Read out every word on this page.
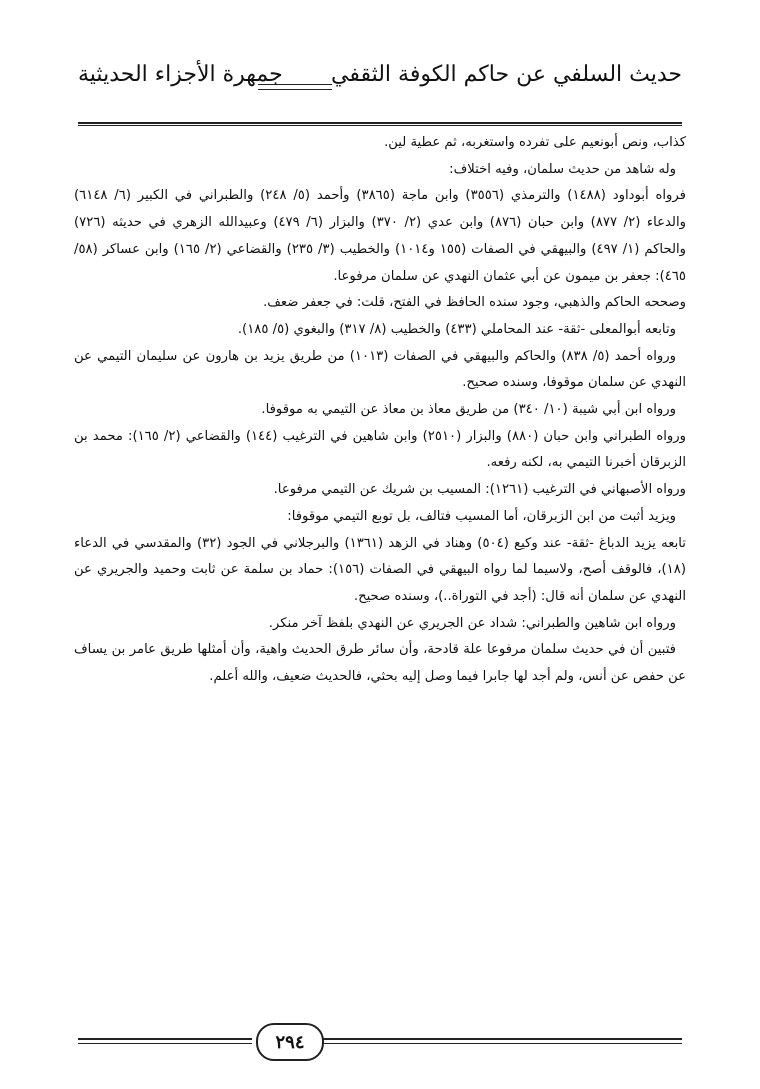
حديث السلفي عن حاكم الكوفة الثقفي
جمهرة الأجزاء الحديثية

كذاب، ونص أبونعيم على تفرده واستغربه، ثم عطية لين.

وله شاهد من حديث سلمان، وفيه اختلاف:

فرواه أبوداود (١٤٨٨) والترمذي (٣٥٥٦) وابن ماجة (٣٨٦٥) وأحمد (٥/ ٢٤٨) والطبراني في الكبير (٦/ ٦١٤٨) والدعاء (٢/ ٨٧٧) وابن حبان (٨٧٦) وابن عدي (٢/ ٣٧٠) والبزار (٦/ ٤٧٩) وعبيدالله الزهري في حديثه (٧٢٦) والحاكم (١/ ٤٩٧) والبيهقي في الصفات (١٥٥ و١٠١٤) والخطيب (٣/ ٢٣٥) والقضاعي (٢/ ١٦٥) وابن عساكر (٥٨/ ٤٦٥): جعفر بن ميمون عن أبي عثمان النهدي عن سلمان مرفوعا.

وصححه الحاكم والذهبي، وجود سنده الحافظ في الفتح، قلت: في جعفر ضعف.

وتابعه أبوالمعلى -ثقة- عند المحاملي (٤٣٣) والخطيب (٨/ ٣١٧) والبغوي (٥/ ١٨٥).

ورواه أحمد (٥/ ٨٣٨) والحاكم والبيهقي في الصفات (١٠١٣) من طريق يزيد بن هارون عن سليمان التيمي عن النهدي عن سلمان موقوفا، وسنده صحيح.

ورواه ابن أبي شيبة (١٠/ ٣٤٠) من طريق معاذ بن معاذ عن التيمي به موقوفا.

ورواه الطبراني وابن حبان (٨٨٠) والبزار (٢٥١٠) وابن شاهين في الترغيب (١٤٤) والقضاعي (٢/ ١٦٥): محمد بن الزبرقان أخبرنا التيمي به، لكنه رفعه.

ورواه الأصبهاني في الترغيب (١٢٦١): المسيب بن شريك عن التيمي مرفوعا.

ويزيد أثبت من ابن الزبرقان، أما المسيب فتالف، بل توبع التيمي موقوفا:

تابعه يزيد الدباغ -ثقة- عند وكيع (٥٠٤) وهناد في الزهد (١٣٦١) والبرجلاني في الجود (٣٢) والمقدسي في الدعاء (١٨)، فالوقف أصح، ولاسيما لما رواه البيهقي في الصفات (١٥٦): حماد بن سلمة عن ثابت وحميد والجريري عن النهدي عن سلمان أنه قال: (أجد في التوراة..)، وسنده صحيح.

ورواه ابن شاهين والطبراني: شداد عن الجريري عن النهدي بلفظ آخر منكر.

فتبين أن في حديث سلمان مرفوعا علة قادحة، وأن سائر طرق الحديث واهية، وأن أمثلها طريق عامر بن يساف عن حفص عن أنس، ولم أجد لها جابرا فيما وصل إليه بحثي، فالحديث ضعيف، والله أعلم.

٢٩٤
